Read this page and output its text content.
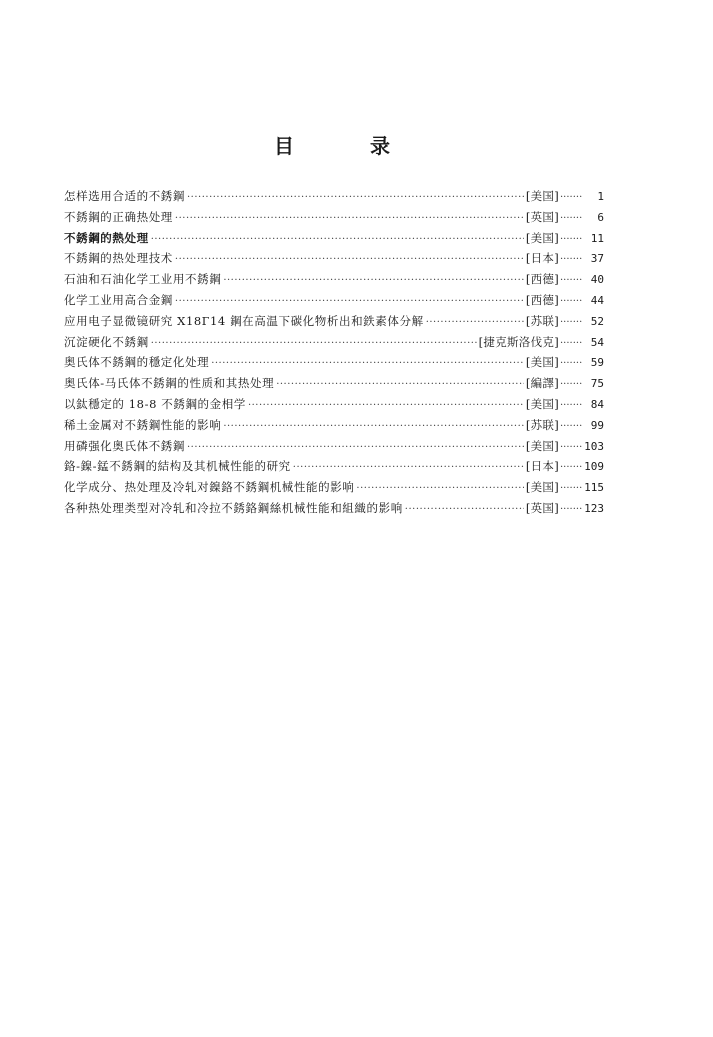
目	录
怎样选用合适的不銹鋼 ·····	[美国] ·····	1
不銹鋼的正确热处理 ·····	[英国] ·····	6
不銹鋼的熱处理 ·····	[美国] ·····	11
不銹鋼的热处理技术 ·····	[日本] ·····	37
石油和石油化学工业用不銹鋼 ·····	[西德] ·····	40
化学工业用高合金鋼 ·····	[西德] ·····	44
应用电子显微镜研究 X18Г14 鋼在高温下碳化物析出和鉄素体分解 ·····	[苏联] ·····	52
沉淀硬化不銹鋼 ·····	[捷克斯洛伐克] ·····	54
奥氏体不銹鋼的穩定化处理 ·····	[美国] ·····	59
奥氏体-马氏体不銹鋼的性质和其热处理 ·····	[編譯] ·····	75
以鈦穩定的 18-8 不銹鋼的金相学 ·····	[美国] ·····	84
稀土金属对不銹鋼性能的影响 ·····	[苏联] ·····	99
用磷强化奥氏体不銹鋼 ·····	[美国] ····· 103
鉻-鎳-錳不銹鋼的結构及其机械性能的研究 ·····	[日本] ····· 109
化学成分、热处理及冷轧对鎳鉻不銹鋼机械性能的影响 ·····	[美国] ····· 115
各种热处理类型对冷轧和冷拉不銹鉻鋼絲机械性能和組織的影响 ·····	[英国] ····· 123
